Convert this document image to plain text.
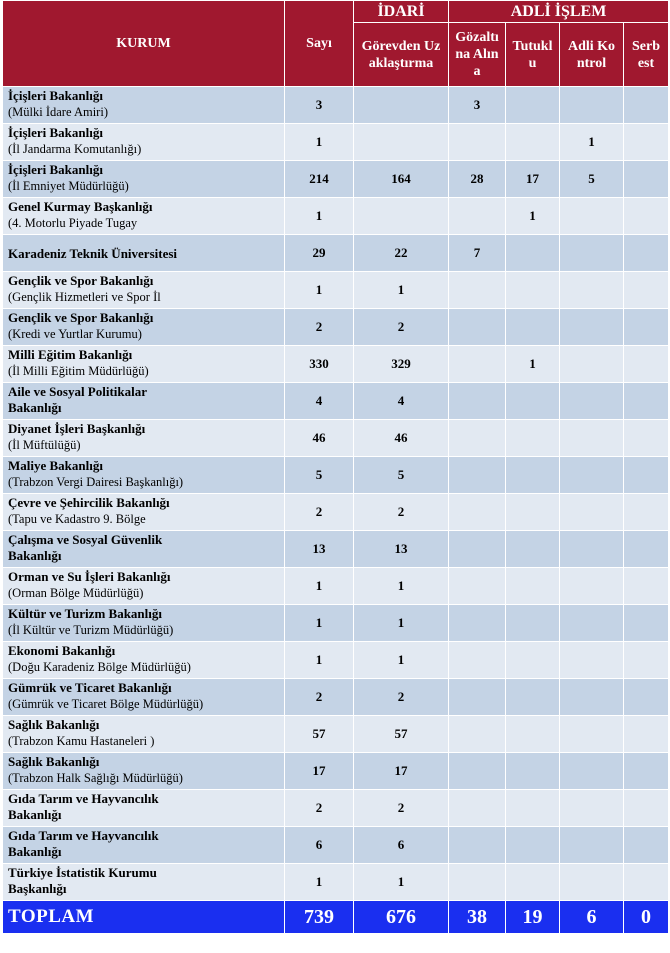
KURUM	Sayı	İDARİ	ADLİ İŞLEM			

		Görevden Uzaklaştırma	Gözaltına Alına	Tutuklu	Adli Kontrol	Serbest

İçişleri Bakanlığı
(Mülki İdare Amiri)	3		3			

İçişleri Bakanlığı
(İl Jandarma Komutanlığı)	1				1	

İçişleri Bakanlığı
(İl Emniyet Müdürlüğü)	214	164	28	17	5	

Genel Kurmay Başkanlığı
(4. Motorlu Piyade Tugay	1			1		

Karadeniz Teknik Üniversitesi	29	22	7			

Gençlik ve Spor Bakanlığı
(Gençlik Hizmetleri ve Spor İl	1	1				

Gençlik ve Spor Bakanlığı
(Kredi ve Yurtlar Kurumu)	2	2				

Milli Eğitim Bakanlığı
(İl Milli Eğitim Müdürlüğü)	330	329		1		

Aile ve Sosyal Politikalar
Bakanlığı	4	4				

Diyanet İşleri Başkanlığı
(İl Müftülüğü)	46	46				

Maliye Bakanlığı
(Trabzon Vergi Dairesi Başkanlığı)	5	5				

Çevre ve Şehircilik Bakanlığı
(Tapu ve Kadastro 9. Bölge	2	2				

Çalışma ve Sosyal Güvenlik
Bakanlığı	13	13				

Orman ve Su İşleri Bakanlığı
(Orman Bölge Müdürlüğü)	1	1				

Kültür ve Turizm Bakanlığı
(İl Kültür ve Turizm Müdürlüğü)	1	1				

Ekonomi Bakanlığı
(Doğu Karadeniz Bölge Müdürlüğü)	1	1				

Gümrük ve Ticaret Bakanlığı
(Gümrük ve Ticaret Bölge Müdürlüğü)	2	2				

Sağlık Bakanlığı
(Trabzon Kamu Hastaneleri )	57	57				

Sağlık Bakanlığı
(Trabzon Halk Sağlığı Müdürlüğü)	17	17				

Gıda Tarım ve Hayvancılık
Bakanlığı	2	2				

Gıda Tarım ve Hayvancılık
Bakanlığı	6	6				

Türkiye İstatistik Kurumu
Başkanlığı	1	1				
TOPLAM	739	676	38	19	6	0
